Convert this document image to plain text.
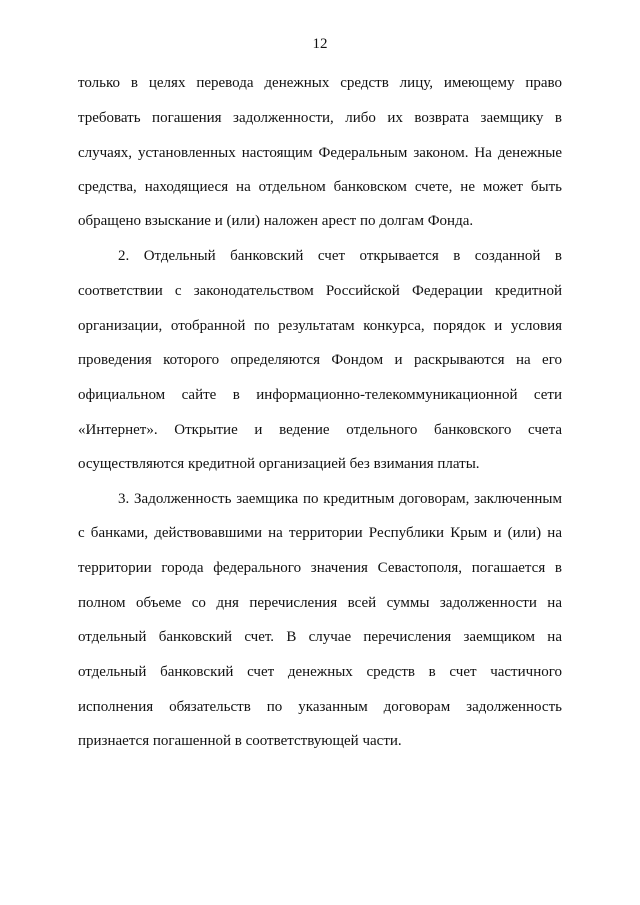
12
только в целях перевода денежных средств лицу, имеющему право
требовать погашения задолженности, либо их возврата заемщику в
случаях, установленных настоящим Федеральным законом. На денежные
средства, находящиеся на отдельном банковском счете, не может быть
обращено взыскание и (или) наложен арест по долгам Фонда.
2. Отдельный банковский счет открывается в созданной в
соответствии с законодательством Российской Федерации кредитной
организации, отобранной по результатам конкурса, порядок и условия
проведения которого определяются Фондом и раскрываются на его
официальном сайте в информационно-телекоммуникационной сети
«Интернет». Открытие и ведение отдельного банковского счета
осуществляются кредитной организацией без взимания платы.
3. Задолженность заемщика по кредитным договорам, заключенным
с банками, действовавшими на территории Республики Крым и (или) на
территории города федерального значения Севастополя, погашается в
полном объеме со дня перечисления всей суммы задолженности на
отдельный банковский счет. В случае перечисления заемщиком на
отдельный банковский счет денежных средств в счет частичного
исполнения обязательств по указанным договорам задолженность
признается погашенной в соответствующей части.
